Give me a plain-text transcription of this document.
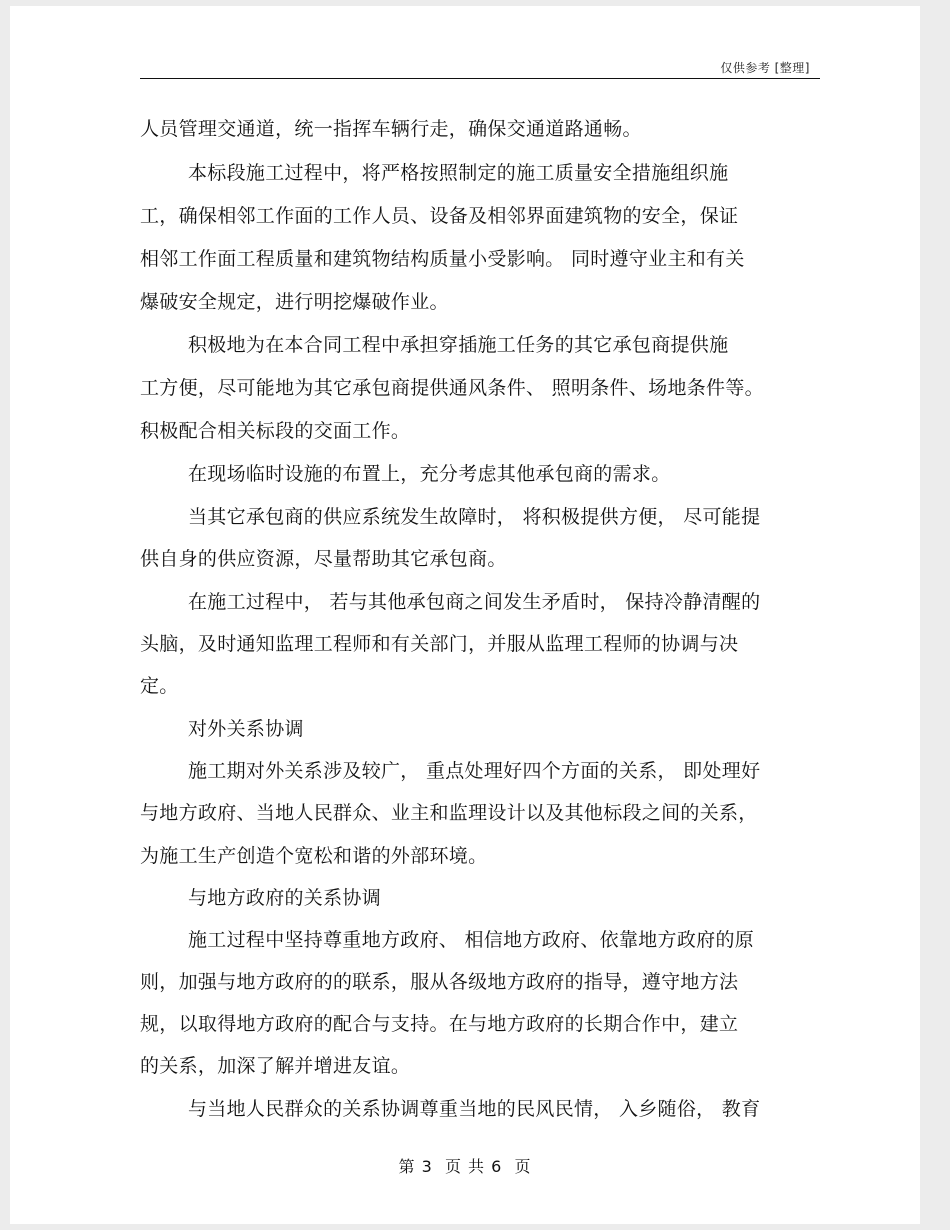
仅供参考 [整理]
人员管理交通道，统一指挥车辆行走，确保交通道路通畅。
本标段施工过程中，将严格按照制定的施工质量安全措施组织施
工，确保相邻工作面的工作人员、设备及相邻界面建筑物的安全，保证
相邻工作面工程质量和建筑物结构质量小受影响。 同时遵守业主和有关
爆破安全规定，进行明挖爆破作业。
积极地为在本合同工程中承担穿插施工任务的其它承包商提供施
工方便，尽可能地为其它承包商提供通风条件、 照明条件、场地条件等。
积极配合相关标段的交面工作。
在现场临时设施的布置上，充分考虑其他承包商的需求。
当其它承包商的供应系统发生故障时， 将积极提供方便， 尽可能提
供自身的供应资源，尽量帮助其它承包商。
在施工过程中， 若与其他承包商之间发生矛盾时， 保持冷静清醒的
头脑，及时通知监理工程师和有关部门，并服从监理工程师的协调与决
定。
对外关系协调
施工期对外关系涉及较广， 重点处理好四个方面的关系， 即处理好
与地方政府、当地人民群众、业主和监理设计以及其他标段之间的关系，
为施工生产创造个宽松和谐的外部环境。
与地方政府的关系协调
施工过程中坚持尊重地方政府、 相信地方政府、依靠地方政府的原
则，加强与地方政府的的联系，服从各级地方政府的指导，遵守地方法
规，以取得地方政府的配合与支持。在与地方政府的长期合作中，建立
的关系，加深了解并增进友谊。
与当地人民群众的关系协调尊重当地的民风民情， 入乡随俗， 教育
第 3  页 共 6  页
